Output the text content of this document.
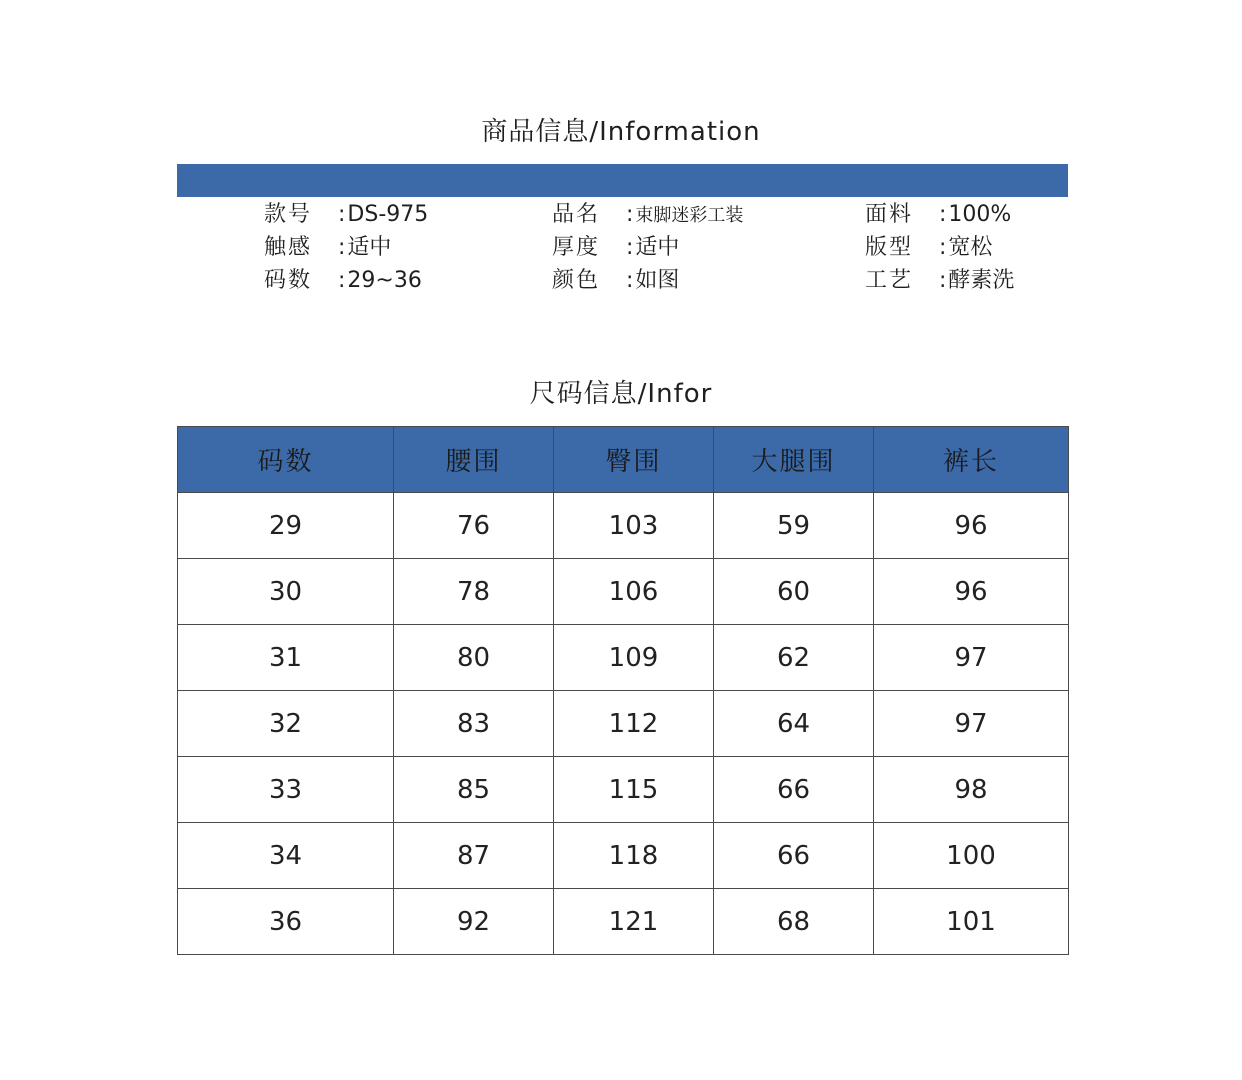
商品信息/Information
款号 :DS-975	品名 : 束脚迷彩工装	面料 :100%
触感 :适中	厚度 :适中	版型 :宽松
码数 :29~36	颜色 :如图	工艺 :酵素洗
尺码信息/Infor
码数	腰围	臀围	大腿围	裤长
29	76	103	59	96
30	78	106	60	96
31	80	109	62	97
32	83	112	64	97
33	85	115	66	98
34	87	118	66	100
36	92	121	68	101
